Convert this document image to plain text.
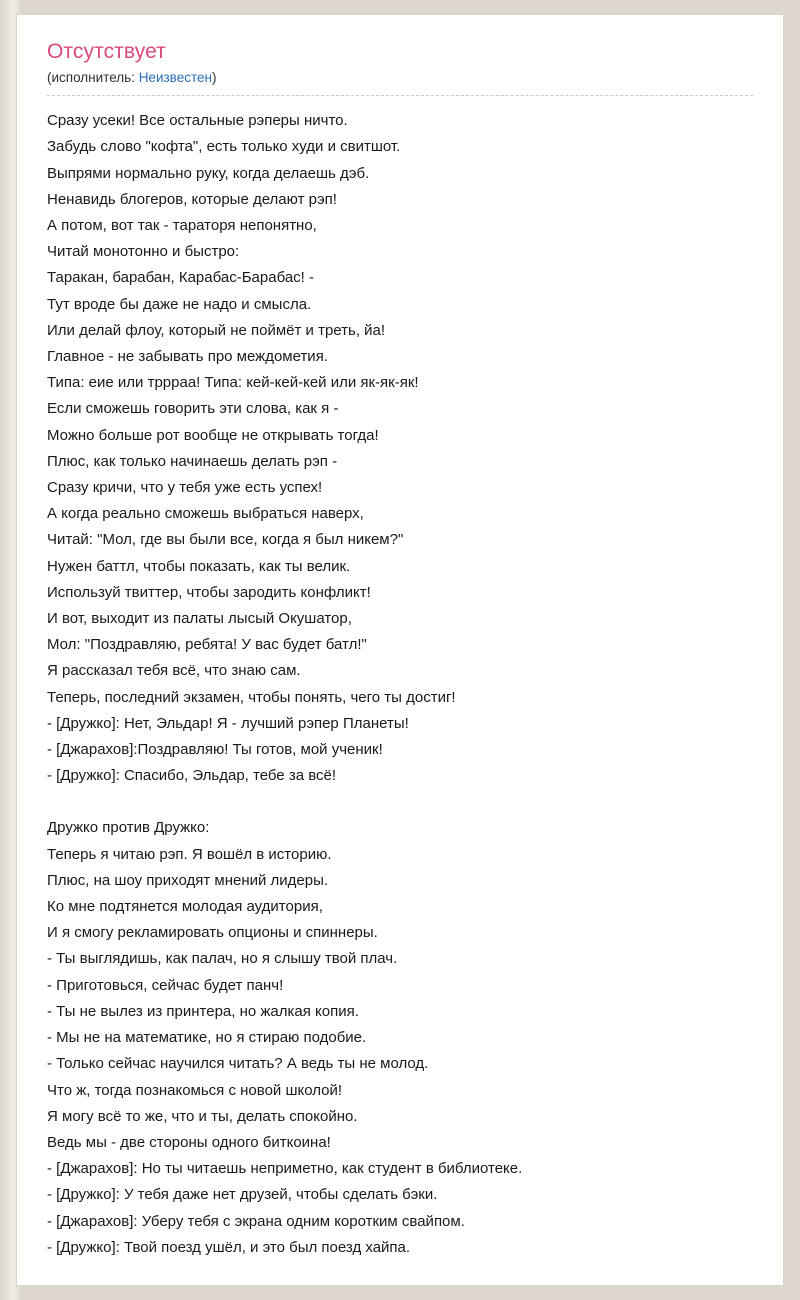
Отсутствует
(исполнитель: Неизвестен)
Сразу усеки! Все остальные рэперы ничто.
Забудь слово "кофта", есть только худи и свитшот.
Выпрями нормально руку, когда делаешь дэб.
Ненавидь блогеров, которые делают рэп!
А потом, вот так - тараторя непонятно,
Читай монотонно и быстро:
Таракан, барабан, Карабас-Барабас! -
Тут вроде бы даже не надо и смысла.
Или делай флоу, который не поймёт и треть, йа!
Главное - не забывать про междометия.
Типа: еие или тррраа! Типа: кей-кей-кей или як-як-як!
Если сможешь говорить эти слова, как я -
Можно больше рот вообще не открывать тогда!
Плюс, как только начинаешь делать рэп -
Сразу кричи, что у тебя уже есть успех!
А когда реально сможешь выбраться наверх,
Читай: "Мол, где вы были все, когда я был никем?"
Нужен баттл, чтобы показать, как ты велик.
Используй твиттер, чтобы зародить конфликт!
И вот, выходит из палаты лысый Окушатор,
Мол: "Поздравляю, ребята! У вас будет батл!"
Я рассказал тебя всё, что знаю сам.
Теперь, последний экзамен, чтобы понять, чего ты достиг!
- [Дружко]: Нет, Эльдар! Я - лучший рэпер Планеты!
- [Джарахов]:Поздравляю! Ты готов, мой ученик!
- [Дружко]: Спасибо, Эльдар, тебе за всё!
Дружко против Дружко:
Теперь я читаю рэп. Я вошёл в историю.
Плюс, на шоу приходят мнений лидеры.
Ко мне подтянется молодая аудитория,
И я смогу рекламировать опционы и спиннеры.
- Ты выглядишь, как палач, но я слышу твой плач.
- Приготовься, сейчас будет панч!
- Ты не вылез из принтера, но жалкая копия.
- Мы не на математике, но я стираю подобие.
- Только сейчас научился читать? А ведь ты не молод.
Что ж, тогда познакомься с новой школой!
Я могу всё то же, что и ты, делать спокойно.
Ведь мы - две стороны одного биткоина!
- [Джарахов]: Но ты читаешь неприметно, как студент в библиотеке.
- [Дружко]: У тебя даже нет друзей, чтобы сделать бэки.
- [Джарахов]: Уберу тебя с экрана одним коротким свайпом.
- [Дружко]: Твой поезд ушёл, и это был поезд хайпа.
